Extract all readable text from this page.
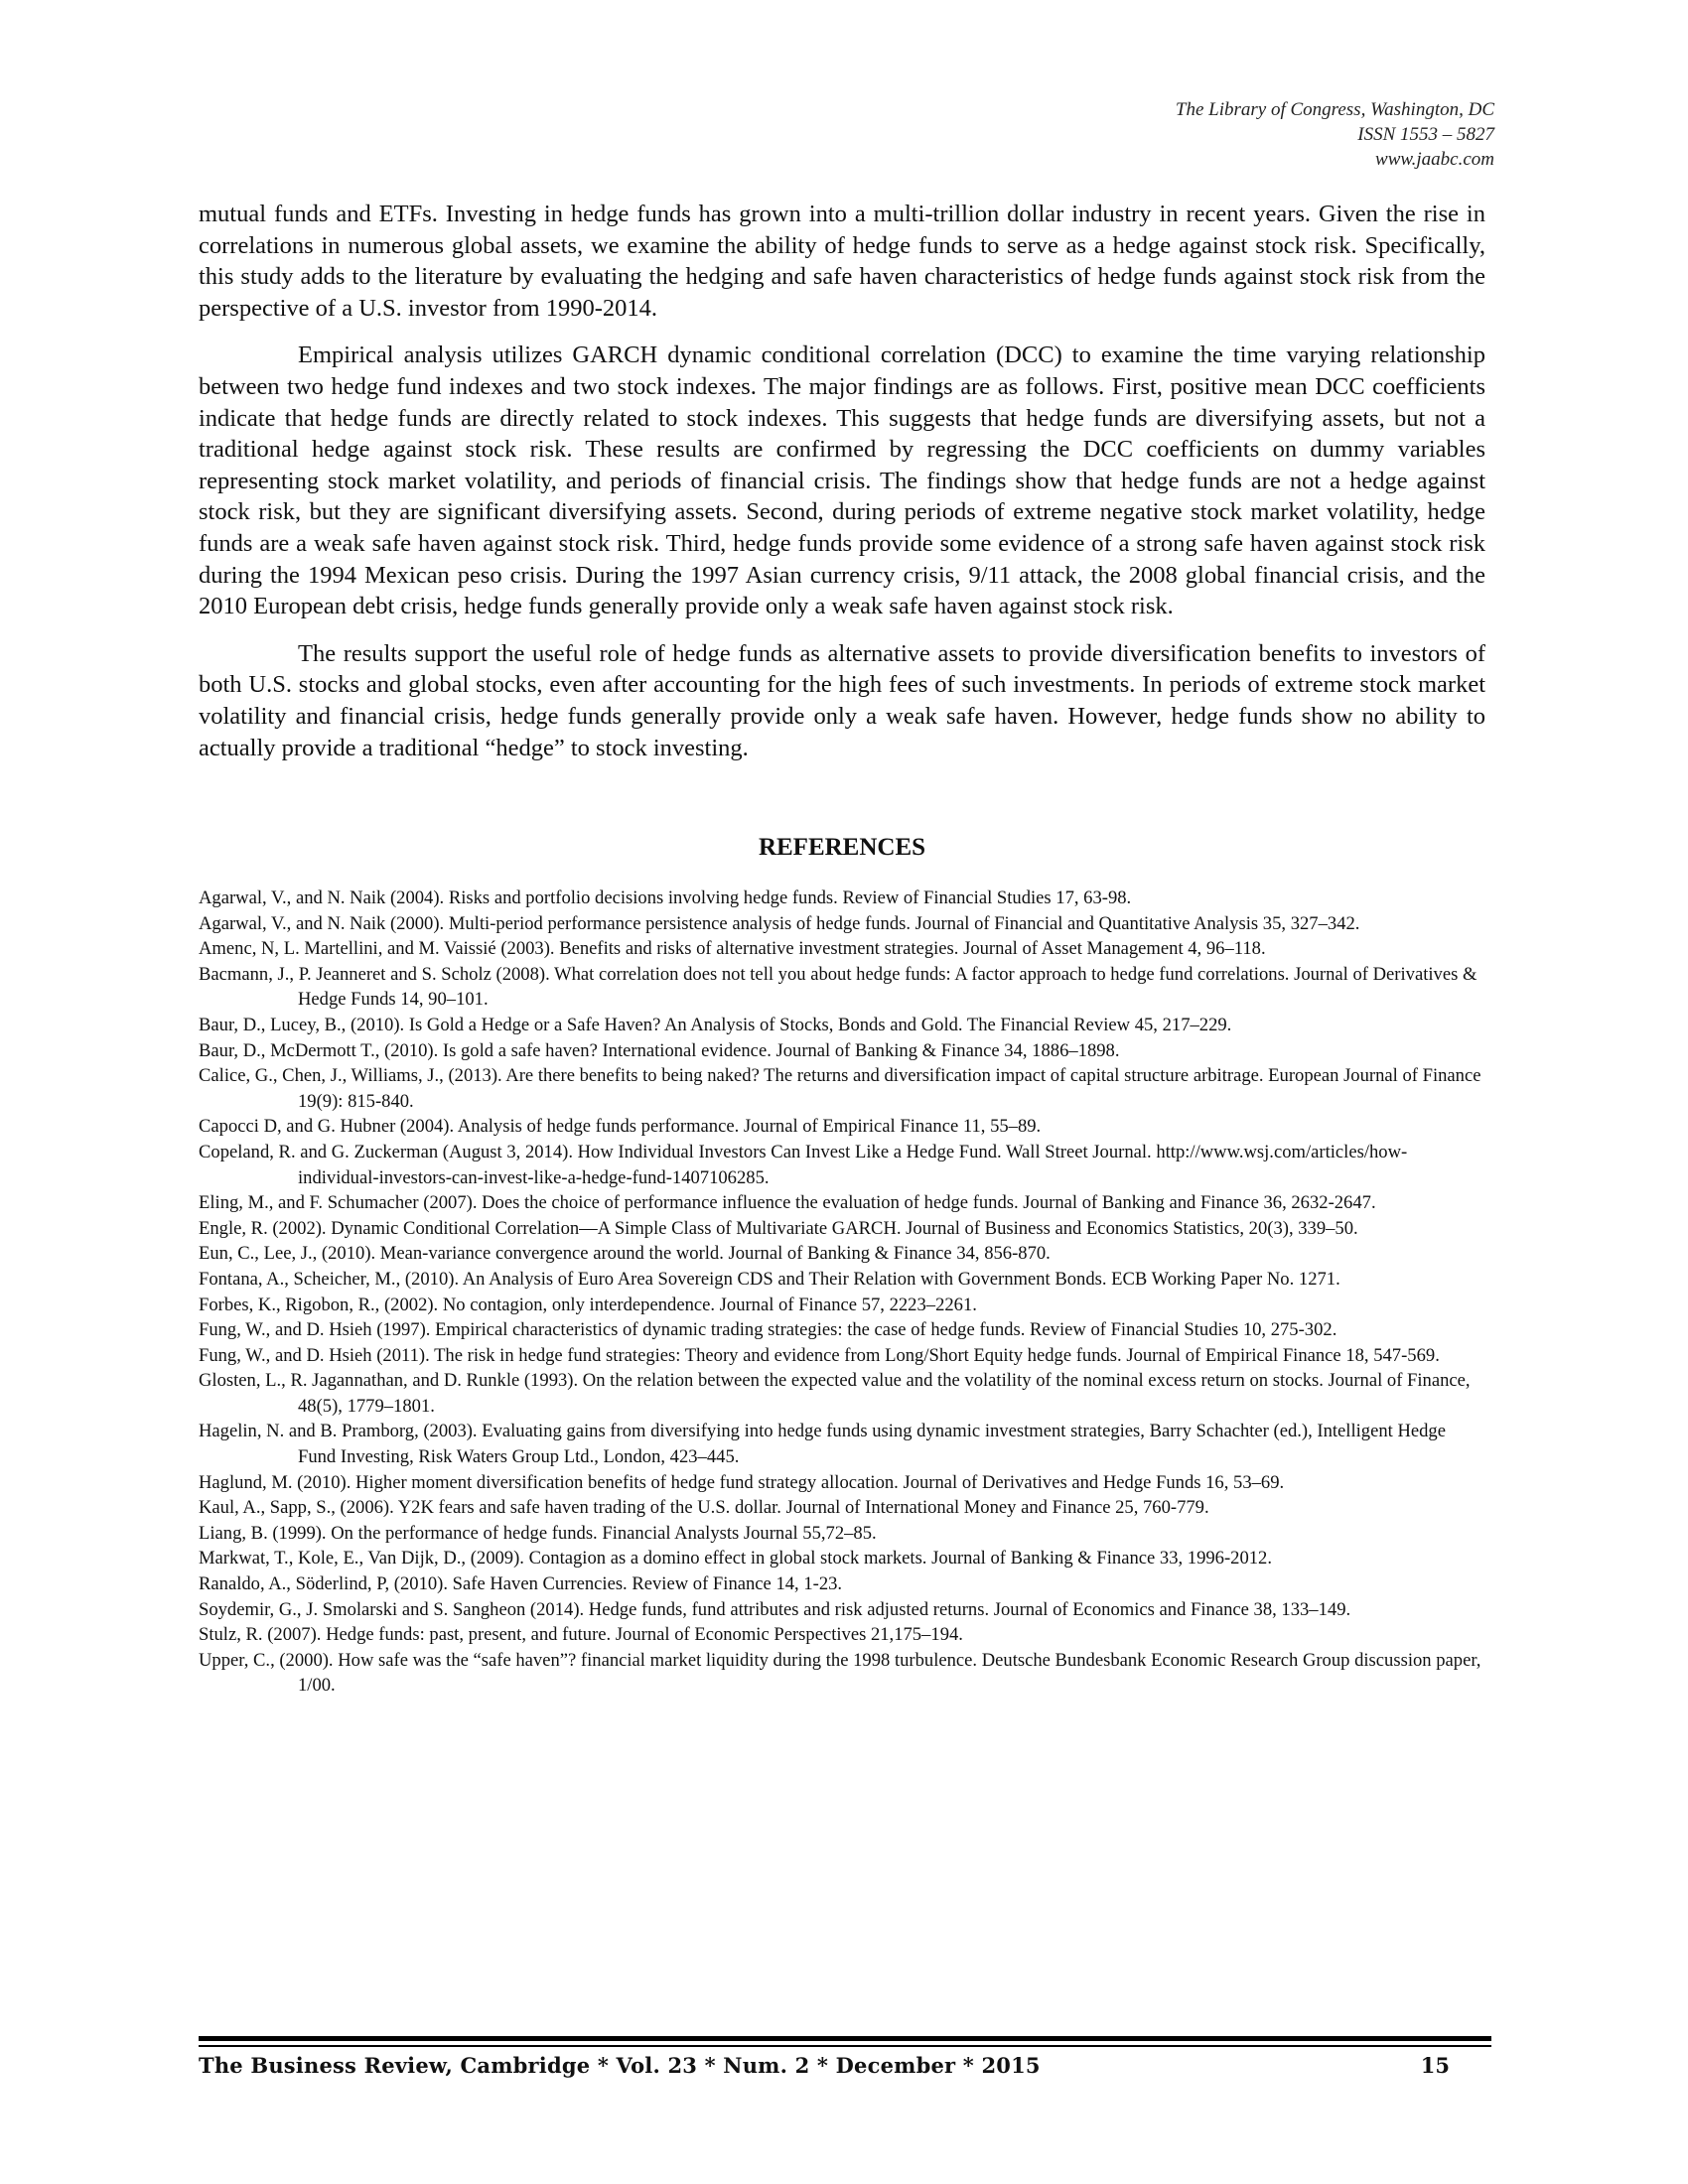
The Library of Congress, Washington, DC
ISSN 1553 – 5827
www.jaabc.com

mutual funds and ETFs. Investing in hedge funds has grown into a multi-trillion dollar industry in recent years. Given the rise in correlations in numerous global assets, we examine the ability of hedge funds to serve as a hedge against stock risk. Specifically, this study adds to the literature by evaluating the hedging and safe haven characteristics of hedge funds against stock risk from the perspective of a U.S. investor from 1990-2014.

Empirical analysis utilizes GARCH dynamic conditional correlation (DCC) to examine the time varying relationship between two hedge fund indexes and two stock indexes. The major findings are as follows. First, positive mean DCC coefficients indicate that hedge funds are directly related to stock indexes. This suggests that hedge funds are diversifying assets, but not a traditional hedge against stock risk. These results are confirmed by regressing the DCC coefficients on dummy variables representing stock market volatility, and periods of financial crisis. The findings show that hedge funds are not a hedge against stock risk, but they are significant diversifying assets. Second, during periods of extreme negative stock market volatility, hedge funds are a weak safe haven against stock risk. Third, hedge funds provide some evidence of a strong safe haven against stock risk during the 1994 Mexican peso crisis. During the 1997 Asian currency crisis, 9/11 attack, the 2008 global financial crisis, and the 2010 European debt crisis, hedge funds generally provide only a weak safe haven against stock risk.

The results support the useful role of hedge funds as alternative assets to provide diversification benefits to investors of both U.S. stocks and global stocks, even after accounting for the high fees of such investments. In periods of extreme stock market volatility and financial crisis, hedge funds generally provide only a weak safe haven. However, hedge funds show no ability to actually provide a traditional “hedge” to stock investing.

REFERENCES
Agarwal, V., and N. Naik (2004). Risks and portfolio decisions involving hedge funds. Review of Financial Studies 17, 63-98.
Agarwal, V., and N. Naik (2000). Multi-period performance persistence analysis of hedge funds. Journal of Financial and Quantitative Analysis 35, 327–342.
Amenc, N, L. Martellini, and M. Vaissié (2003). Benefits and risks of alternative investment strategies. Journal of Asset Management 4, 96–118.
Bacmann, J., P. Jeanneret and S. Scholz (2008). What correlation does not tell you about hedge funds: A factor approach to hedge fund correlations. Journal of Derivatives & Hedge Funds 14, 90–101.
Baur, D., Lucey, B., (2010). Is Gold a Hedge or a Safe Haven? An Analysis of Stocks, Bonds and Gold. The Financial Review 45, 217–229.
Baur, D., McDermott T., (2010). Is gold a safe haven? International evidence. Journal of Banking & Finance 34, 1886–1898.
Calice, G., Chen, J., Williams, J., (2013). Are there benefits to being naked? The returns and diversification impact of capital structure arbitrage. European Journal of Finance 19(9): 815-840.
Capocci D, and G. Hubner (2004). Analysis of hedge funds performance. Journal of Empirical Finance 11, 55–89.
Copeland, R. and G. Zuckerman (August 3, 2014). How Individual Investors Can Invest Like a Hedge Fund. Wall Street Journal. http://www.wsj.com/articles/how-individual-investors-can-invest-like-a-hedge-fund-1407106285.
Eling, M., and F. Schumacher (2007). Does the choice of performance influence the evaluation of hedge funds. Journal of Banking and Finance 36, 2632-2647.
Engle, R. (2002). Dynamic Conditional Correlation—A Simple Class of Multivariate GARCH. Journal of Business and Economics Statistics, 20(3), 339–50.
Eun, C., Lee, J., (2010). Mean-variance convergence around the world. Journal of Banking & Finance 34, 856-870.
Fontana, A., Scheicher, M., (2010). An Analysis of Euro Area Sovereign CDS and Their Relation with Government Bonds. ECB Working Paper No. 1271.
Forbes, K., Rigobon, R., (2002). No contagion, only interdependence. Journal of Finance 57, 2223–2261.
Fung, W., and D. Hsieh (1997). Empirical characteristics of dynamic trading strategies: the case of hedge funds. Review of Financial Studies 10, 275-302.
Fung, W., and D. Hsieh (2011). The risk in hedge fund strategies: Theory and evidence from Long/Short Equity hedge funds. Journal of Empirical Finance 18, 547-569.
Glosten, L., R. Jagannathan, and D. Runkle (1993). On the relation between the expected value and the volatility of the nominal excess return on stocks. Journal of Finance, 48(5), 1779–1801.
Hagelin, N. and B. Pramborg, (2003). Evaluating gains from diversifying into hedge funds using dynamic investment strategies, Barry Schachter (ed.), Intelligent Hedge Fund Investing, Risk Waters Group Ltd., London, 423–445.
Haglund, M. (2010). Higher moment diversification benefits of hedge fund strategy allocation. Journal of Derivatives and Hedge Funds 16, 53–69.
Kaul, A., Sapp, S., (2006). Y2K fears and safe haven trading of the U.S. dollar. Journal of International Money and Finance 25, 760-779.
Liang, B. (1999). On the performance of hedge funds. Financial Analysts Journal 55,72–85.
Markwat, T., Kole, E., Van Dijk, D., (2009). Contagion as a domino effect in global stock markets. Journal of Banking & Finance 33, 1996-2012.
Ranaldo, A., Söderlind, P, (2010). Safe Haven Currencies. Review of Finance 14, 1-23.
Soydemir, G., J. Smolarski and S. Sangheon (2014). Hedge funds, fund attributes and risk adjusted returns. Journal of Economics and Finance 38, 133–149.
Stulz, R. (2007). Hedge funds: past, present, and future. Journal of Economic Perspectives 21,175–194.
Upper, C., (2000). How safe was the “safe haven”? financial market liquidity during the 1998 turbulence. Deutsche Bundesbank Economic Research Group discussion paper, 1/00.
The Business Review, Cambridge * Vol. 23 * Num. 2 * December * 2015	15
